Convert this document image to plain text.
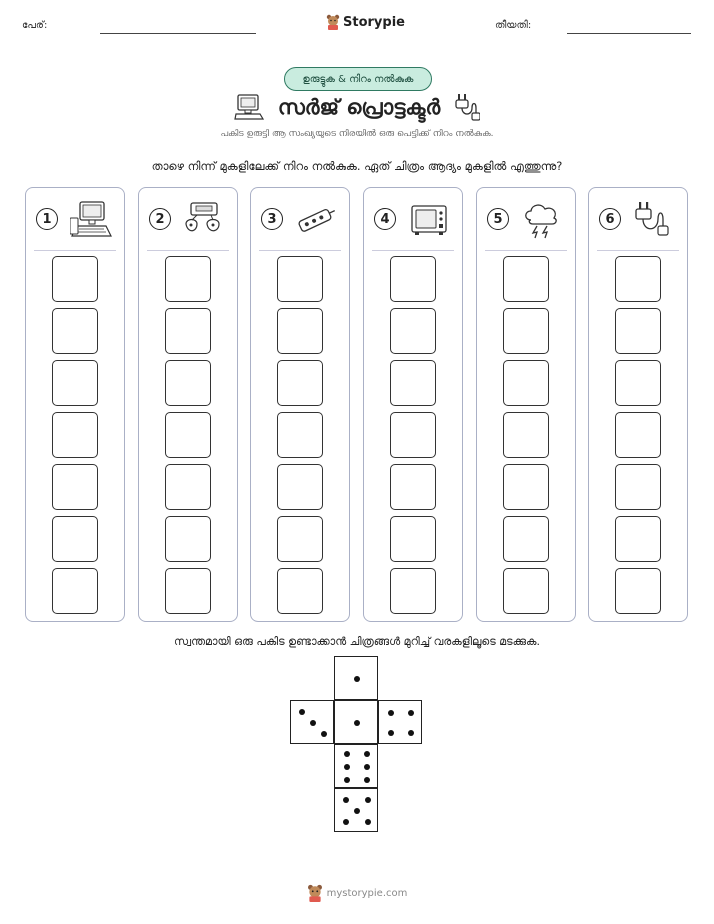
പേര്:	Storypie	തീയതി:
ഉരുട്ടുക & നിറം നൽകുക
സർജ് പ്രൊട്ടക്ടർ
പകിട ഉരുട്ടി ആ സംഖ്യയുടെ നിരയിൽ ഒരു പെട്ടിക്ക് നിറം നൽകുക.
താഴെ നിന്ന് മുകളിലേക്ക് നിറം നൽകുക. ഏത് ചിത്രം ആദ്യം മുകളിൽ എത്തുന്നു?
1	2	3	4	5	6
സ്വന്തമായി ഒരു പകിട ഉണ്ടാക്കാൻ ചിത്രങ്ങൾ മുറിച്ച് വരകളിലൂടെ മടക്കുക.
mystorypie.com
